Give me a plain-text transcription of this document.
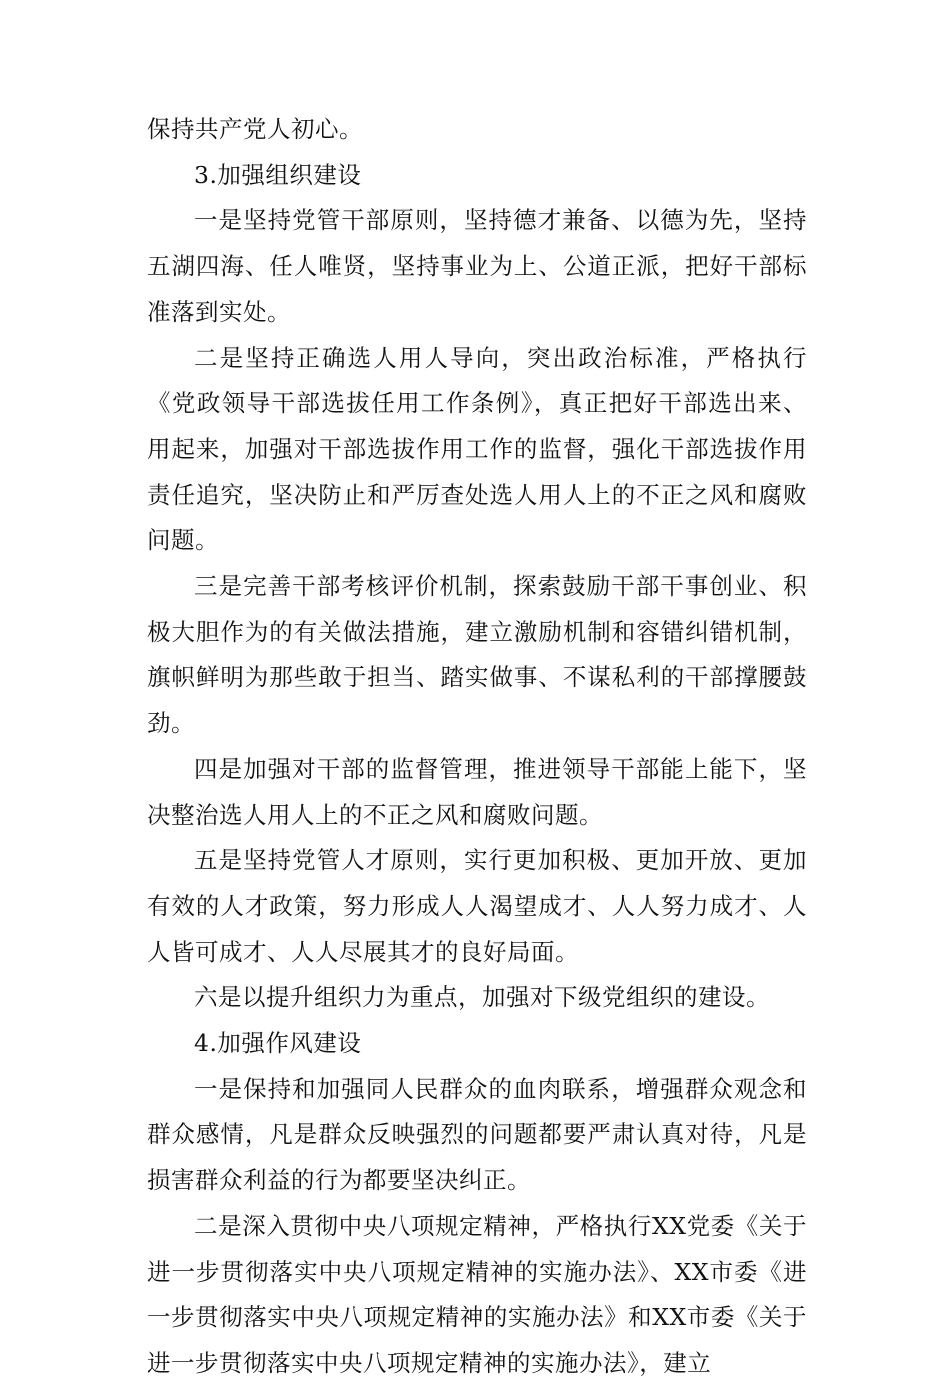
保持共产党人初心。

3.加强组织建设

一是坚持党管干部原则，坚持德才兼备、以德为先，坚持五湖四海、任人唯贤，坚持事业为上、公道正派，把好干部标准落到实处。

二是坚持正确选人用人导向，突出政治标准，严格执行《党政领导干部选拔任用工作条例》，真正把好干部选出来、用起来，加强对干部选拔作用工作的监督，强化干部选拔作用责任追究，坚决防止和严厉查处选人用人上的不正之风和腐败问题。

三是完善干部考核评价机制，探索鼓励干部干事创业、积极大胆作为的有关做法措施，建立激励机制和容错纠错机制，旗帜鲜明为那些敢于担当、踏实做事、不谋私利的干部撑腰鼓劲。

四是加强对干部的监督管理，推进领导干部能上能下，坚决整治选人用人上的不正之风和腐败问题。

五是坚持党管人才原则，实行更加积极、更加开放、更加有效的人才政策，努力形成人人渴望成才、人人努力成才、人人皆可成才、人人尽展其才的良好局面。

六是以提升组织力为重点，加强对下级党组织的建设。

4.加强作风建设

一是保持和加强同人民群众的血肉联系，增强群众观念和群众感情，凡是群众反映强烈的问题都要严肃认真对待，凡是损害群众利益的行为都要坚决纠正。

二是深入贯彻中央八项规定精神，严格执行XX党委《关于进一步贯彻落实中央八项规定精神的实施办法》、XX市委《进一步贯彻落实中央八项规定精神的实施办法》和XX市委《关于进一步贯彻落实中央八项规定精神的实施办法》，建立
